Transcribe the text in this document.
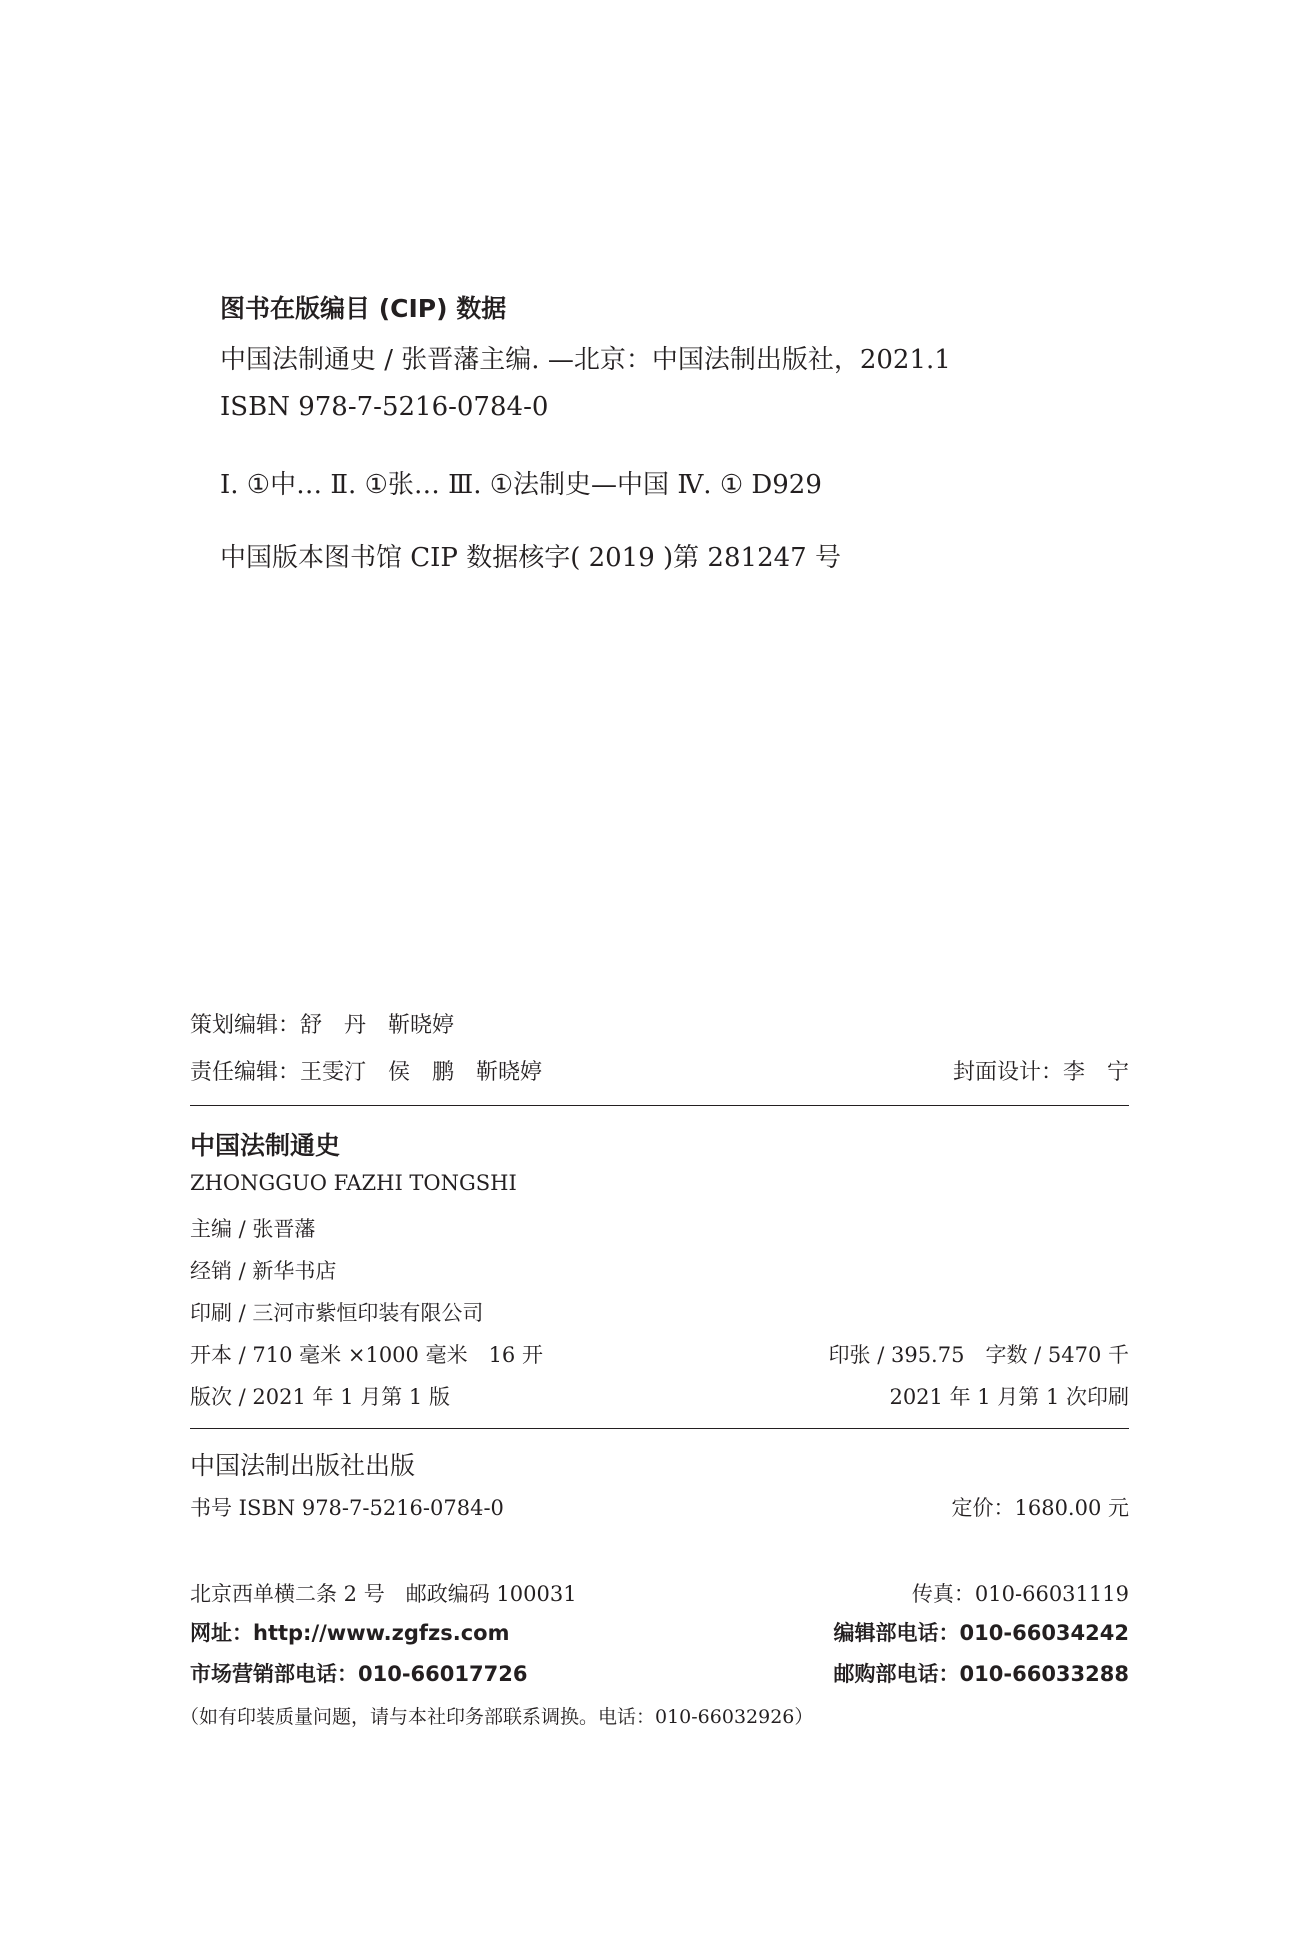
图书在版编目 (CIP) 数据
中国法制通史 / 张晋藩主编. —北京：中国法制出版社，2021.1
ISBN 978-7-5216-0784-0
Ⅰ. ①中… Ⅱ. ①张… Ⅲ. ①法制史—中国 Ⅳ. ① D929
中国版本图书馆 CIP 数据核字( 2019 )第 281247 号
策划编辑：舒　丹　靳晓婷
责任编辑：王雯汀　侯　鹏　靳晓婷	封面设计：李　宁
中国法制通史
ZHONGGUO FAZHI TONGSHI
主编 / 张晋藩
经销 / 新华书店
印刷 / 三河市紫恒印装有限公司
开本 / 710 毫米 ×1000 毫米　16 开	印张 / 395.75　字数 / 5470 千
版次 / 2021 年 1 月第 1 版	2021 年 1 月第 1 次印刷
中国法制出版社出版
书号 ISBN 978-7-5216-0784-0	定价：1680.00 元
北京西单横二条 2 号　邮政编码 100031	传真：010-66031119
网址：http://www.zgfzs.com	编辑部电话：010-66034242
市场营销部电话：010-66017726	邮购部电话：010-66033288
（如有印装质量问题，请与本社印务部联系调换。电话：010-66032926）
